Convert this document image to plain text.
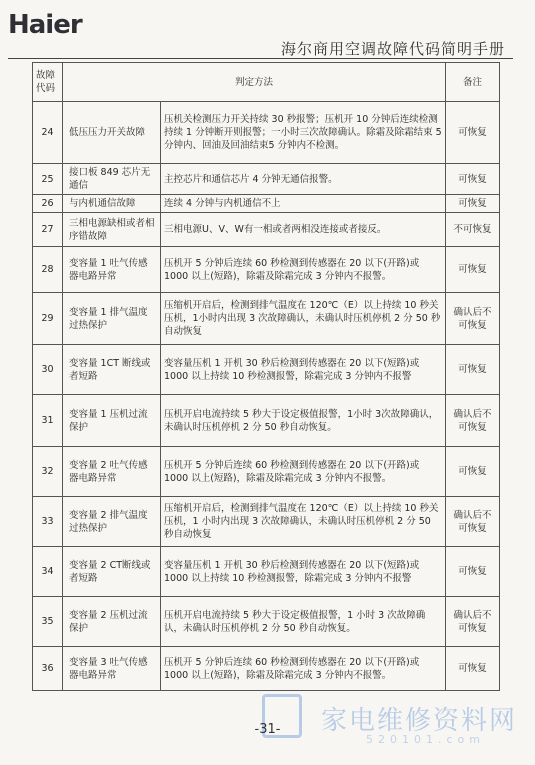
Haier
海尔商用空调故障代码简明手册
故障代码	判定方法		备注
24	低压压力开关故障	压机关检测压力开关持续 30 秒报警；压机开 10 分钟后连续检测持续 1 分钟断开则报警；一小时三次故障确认。除霜及除霜结束 5 分钟内、回油及回油结束5 分钟内不检测。	可恢复
25	接口板 849 芯片无通信	主控芯片和通信芯片 4 分钟无通信报警。	可恢复
26	与内机通信故障	连续 4 分钟与内机通信不上	可恢复
27	三相电源缺相或者相序错故障	三相电源U、V、W有一相或者两相没连接或者接反。	不可恢复
28	变容量 1 吐气传感器电路异常	压机开 5 分钟后连续 60 秒检测到传感器在 20 以下(开路)或 1000 以上(短路)，除霜及除霜完成 3 分钟内不报警。	可恢复
29	变容量 1 排气温度过热保护	压缩机开启后，检测到排气温度在 120℃（E）以上持续 10 秒关压机，1小时内出现 3 次故障确认，未确认时压机停机 2 分 50 秒自动恢复	确认后不可恢复
30	变容量 1CT 断线或者短路	变容量压机 1 开机 30 秒后检测到传感器在 20 以下(短路)或 1000 以上持续 10 秒检测报警，除霜完成 3 分钟内不报警	可恢复
31	变容量 1 压机过流保护	压机开启电流持续 5 秒大于设定极值报警，1小时 3次故障确认，未确认时压机停机 2 分 50 秒自动恢复。	确认后不可恢复
32	变容量 2 吐气传感器电路异常	压机开 5 分钟后连续 60 秒检测到传感器在 20 以下(开路)或 1000 以上(短路)，除霜及除霜完成 3 分钟内不报警。	可恢复
33	变容量 2 排气温度过热保护	压缩机开启后，检测到排气温度在 120℃（E）以上持续 10 秒关压机，1 小时内出现 3 次故障确认，未确认时压机停机 2 分 50 秒自动恢复	确认后不可恢复
34	变容量 2 CT断线或者短路	变容量压机 1 开机 30 秒后检测到传感器在 20 以下(短路)或 1000 以上持续 10 秒检测报警，除霜完成 3 分钟内不报警	可恢复
35	变容量 2 压机过流保护	压机开启电流持续 5 秒大于设定极值报警，1 小时 3 次故障确认，未确认时压机停机 2 分 50 秒自动恢复。	确认后不可恢复
36	变容量 3 吐气传感器电路异常	压机开 5 分钟后连续 60 秒检测到传感器在 20 以下(开路)或 1000 以上(短路)，除霜及除霜完成 3 分钟内不报警。	可恢复
家电维修资料网
520101.com
-31-
